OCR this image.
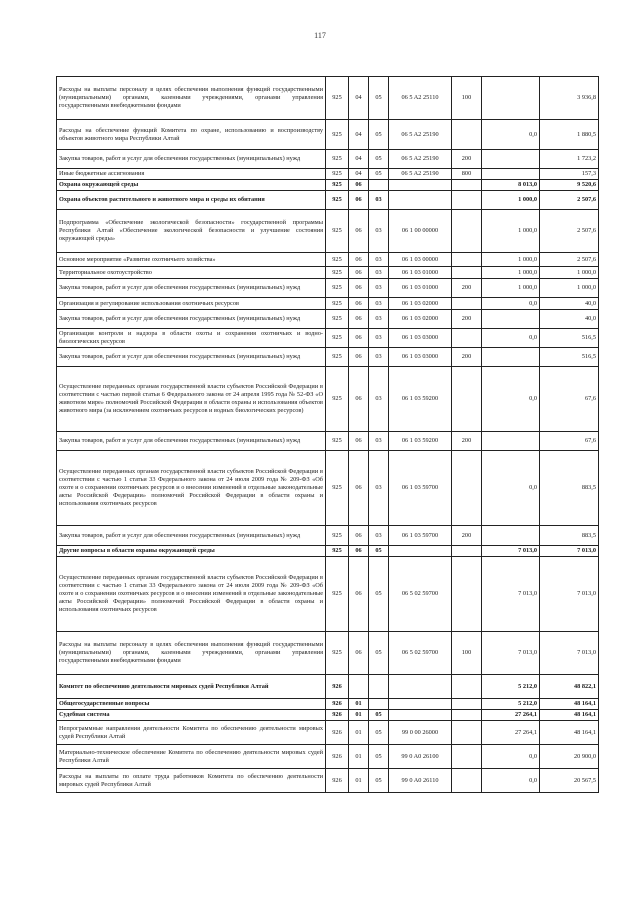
117
Расходы на выплаты персоналу в целях обеспечения выполнения функций государственными (муниципальными) органами, казенными учреждениями, органами управления государственными внебюджетными фондами	925	04	05	06 5 A2 25110	100		3 936,8
Расходы на обеспечение функций Комитета по охране, использованию и воспроизводству объектов животного мира Республики Алтай	925	04	05	06 5 A2 25190		0,0	1 880,5
Закупка товаров, работ и услуг для обеспечения государственных (муниципальных) нужд	925	04	05	06 5 A2 25190	200		1 723,2
Иные бюджетные ассигнования	925	04	05	06 5 A2 25190	800		157,3
Охрана окружающей среды	925	06				8 013,0	9 520,6
Охрана объектов растительного и животного мира и среды их обитания	925	06	03			1 000,0	2 507,6
Подпрограмма «Обеспечение экологической безопасности» государственной программы Республики Алтай «Обеспечение экологической безопасности и улучшение состояния окружающей среды»	925	06	03	06 1 00 00000		1 000,0	2 507,6
Основное мероприятие «Развитие охотничьего хозяйства»	925	06	03	06 1 03 00000		1 000,0	2 507,6
Территориальное охотоустройство	925	06	03	06 1 03 01000		1 000,0	1 000,0
Закупка товаров, работ и услуг для обеспечения государственных (муниципальных) нужд	925	06	03	06 1 03 01000	200	1 000,0	1 000,0
Организация и регулирование использования охотничьих ресурсов	925	06	03	06 1 03 02000		0,0	40,0
Закупка товаров, работ и услуг для обеспечения государственных (муниципальных) нужд	925	06	03	06 1 03 02000	200		40,0
Организация контроля и надзора в области охоты и сохранения охотничьих и водно-биологических ресурсов	925	06	03	06 1 03 03000		0,0	516,5
Закупка товаров, работ и услуг для обеспечения государственных (муниципальных) нужд	925	06	03	06 1 03 03000	200		516,5
Осуществление переданных органам государственной власти субъектов Российской Федерации в соответствии с частью первой статьи 6 Федерального закона от 24 апреля 1995 года № 52-ФЗ «О животном мире» полномочий Российской Федерации в области охраны и использования объектов животного мира (за исключением охотничьих ресурсов и водных биологических ресурсов)	925	06	03	06 1 03 59200		0,0	67,6
Закупка товаров, работ и услуг для обеспечения государственных (муниципальных) нужд	925	06	03	06 1 03 59200	200		67,6
Осуществление переданных органам государственной власти субъектов Российской Федерации в соответствии с частью 1 статьи 33 Федерального закона от 24 июля 2009 года № 209-ФЗ «Об охоте и о сохранении охотничьих ресурсов и о внесении изменений в отдельные законодательные акты Российской Федерации» полномочий Российской Федерации в области охраны и использования охотничьих ресурсов	925	06	03	06 1 03 59700		0,0	883,5
Закупка товаров, работ и услуг для обеспечения государственных (муниципальных) нужд	925	06	03	06 1 03 59700	200		883,5
Другие вопросы в области охраны окружающей среды	925	06	05			7 013,0	7 013,0
Осуществление переданных органам государственной власти субъектов Российской Федерации в соответствии с частью 1 статьи 33 Федерального закона от 24 июля 2009 года № 209-ФЗ «Об охоте и о сохранении охотничьих ресурсов и о внесении изменений в отдельные законодательные акты Российской Федерации» полномочий Российской Федерации в области охраны и использования охотничьих ресурсов	925	06	05	06 5 02 59700		7 013,0	7 013,0
Расходы на выплаты персоналу в целях обеспечения выполнения функций государственными (муниципальными) органами, казенными учреждениями, органами управления государственными внебюджетными фондами	925	06	05	06 5 02 59700	100	7 013,0	7 013,0
Комитет по обеспечению деятельности мировых судей Республики Алтай	926					5 212,0	48 822,1
Общегосударственные вопросы	926	01				5 212,0	48 164,1
Судебная система	926	01	05			27 264,1	48 164,1
Непрограммные направления деятельности Комитета по обеспечению деятельности мировых судей Республики Алтай	926	01	05	99 0 00 26000		27 264,1	48 164,1
Материально-техническое обеспечение Комитета по обеспечению деятельности мировых судей Республики Алтай	926	01	05	99 0 A0 26100		0,0	20 900,0
Расходы на выплаты по оплате труда работников Комитета по обеспечению деятельности мировых судей Республики Алтай	926	01	05	99 0 A0 26110		0,0	20 567,5
